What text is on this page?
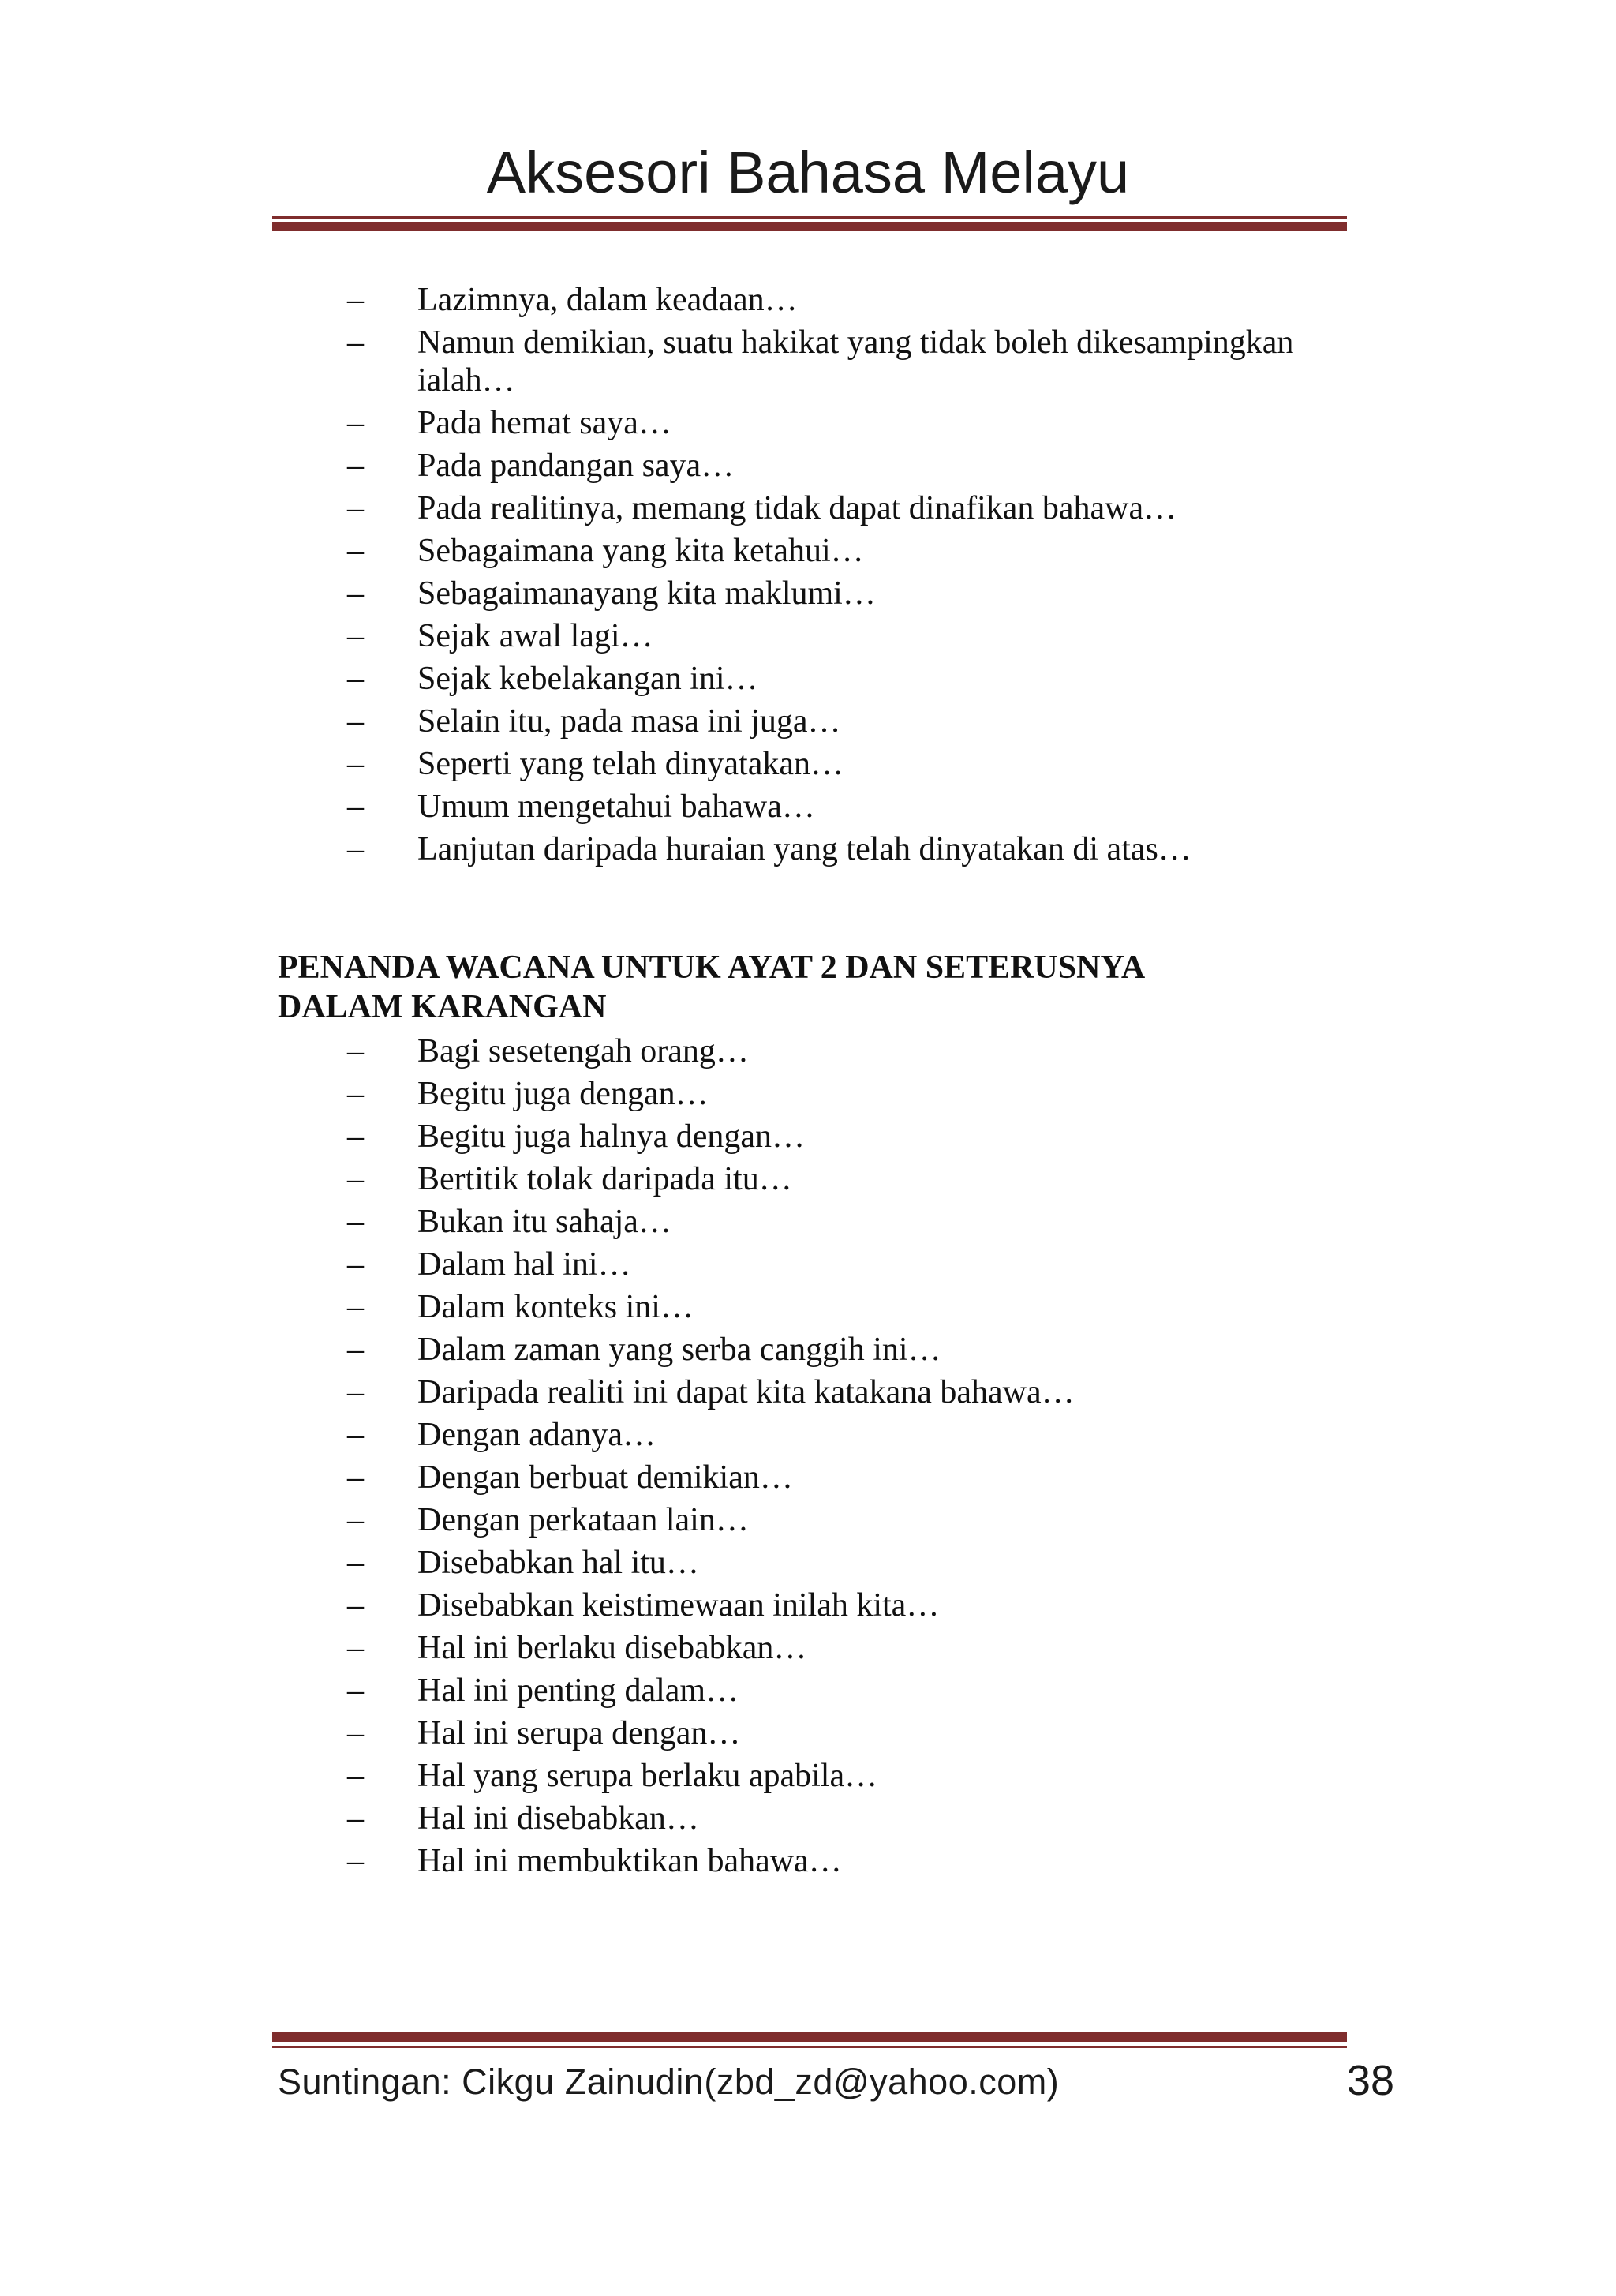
Aksesori Bahasa Melayu
–	Lazimnya, dalam keadaan…
–	Namun demikian, suatu hakikat yang tidak boleh dikesampingkan ialah…
–	Pada hemat saya…
–	Pada pandangan saya…
–	Pada realitinya, memang tidak dapat dinafikan bahawa…
–	Sebagaimana yang kita ketahui…
–	Sebagaimanayang kita maklumi…
–	Sejak awal lagi…
–	Sejak kebelakangan ini…
–	Selain itu, pada masa ini juga…
–	Seperti yang telah dinyatakan…
–	Umum mengetahui bahawa…
–	Lanjutan daripada huraian yang telah dinyatakan di atas…
PENANDA WACANA UNTUK AYAT 2 DAN SETERUSNYA DALAM KARANGAN
–	Bagi sesetengah orang…
–	Begitu juga dengan…
–	Begitu juga halnya dengan…
–	Bertitik tolak daripada itu…
–	Bukan itu sahaja…
–	Dalam hal ini…
–	Dalam konteks ini…
–	Dalam zaman yang serba canggih ini…
–	Daripada realiti ini dapat kita katakana bahawa…
–	Dengan adanya…
–	Dengan berbuat demikian…
–	Dengan perkataan lain…
–	Disebabkan hal itu…
–	Disebabkan keistimewaan inilah kita…
–	Hal ini berlaku disebabkan…
–	Hal ini penting dalam…
–	Hal ini serupa dengan…
–	Hal yang serupa berlaku apabila…
–	Hal ini disebabkan…
–	Hal ini membuktikan bahawa…
Suntingan: Cikgu Zainudin(zbd_zd@yahoo.com)	38
